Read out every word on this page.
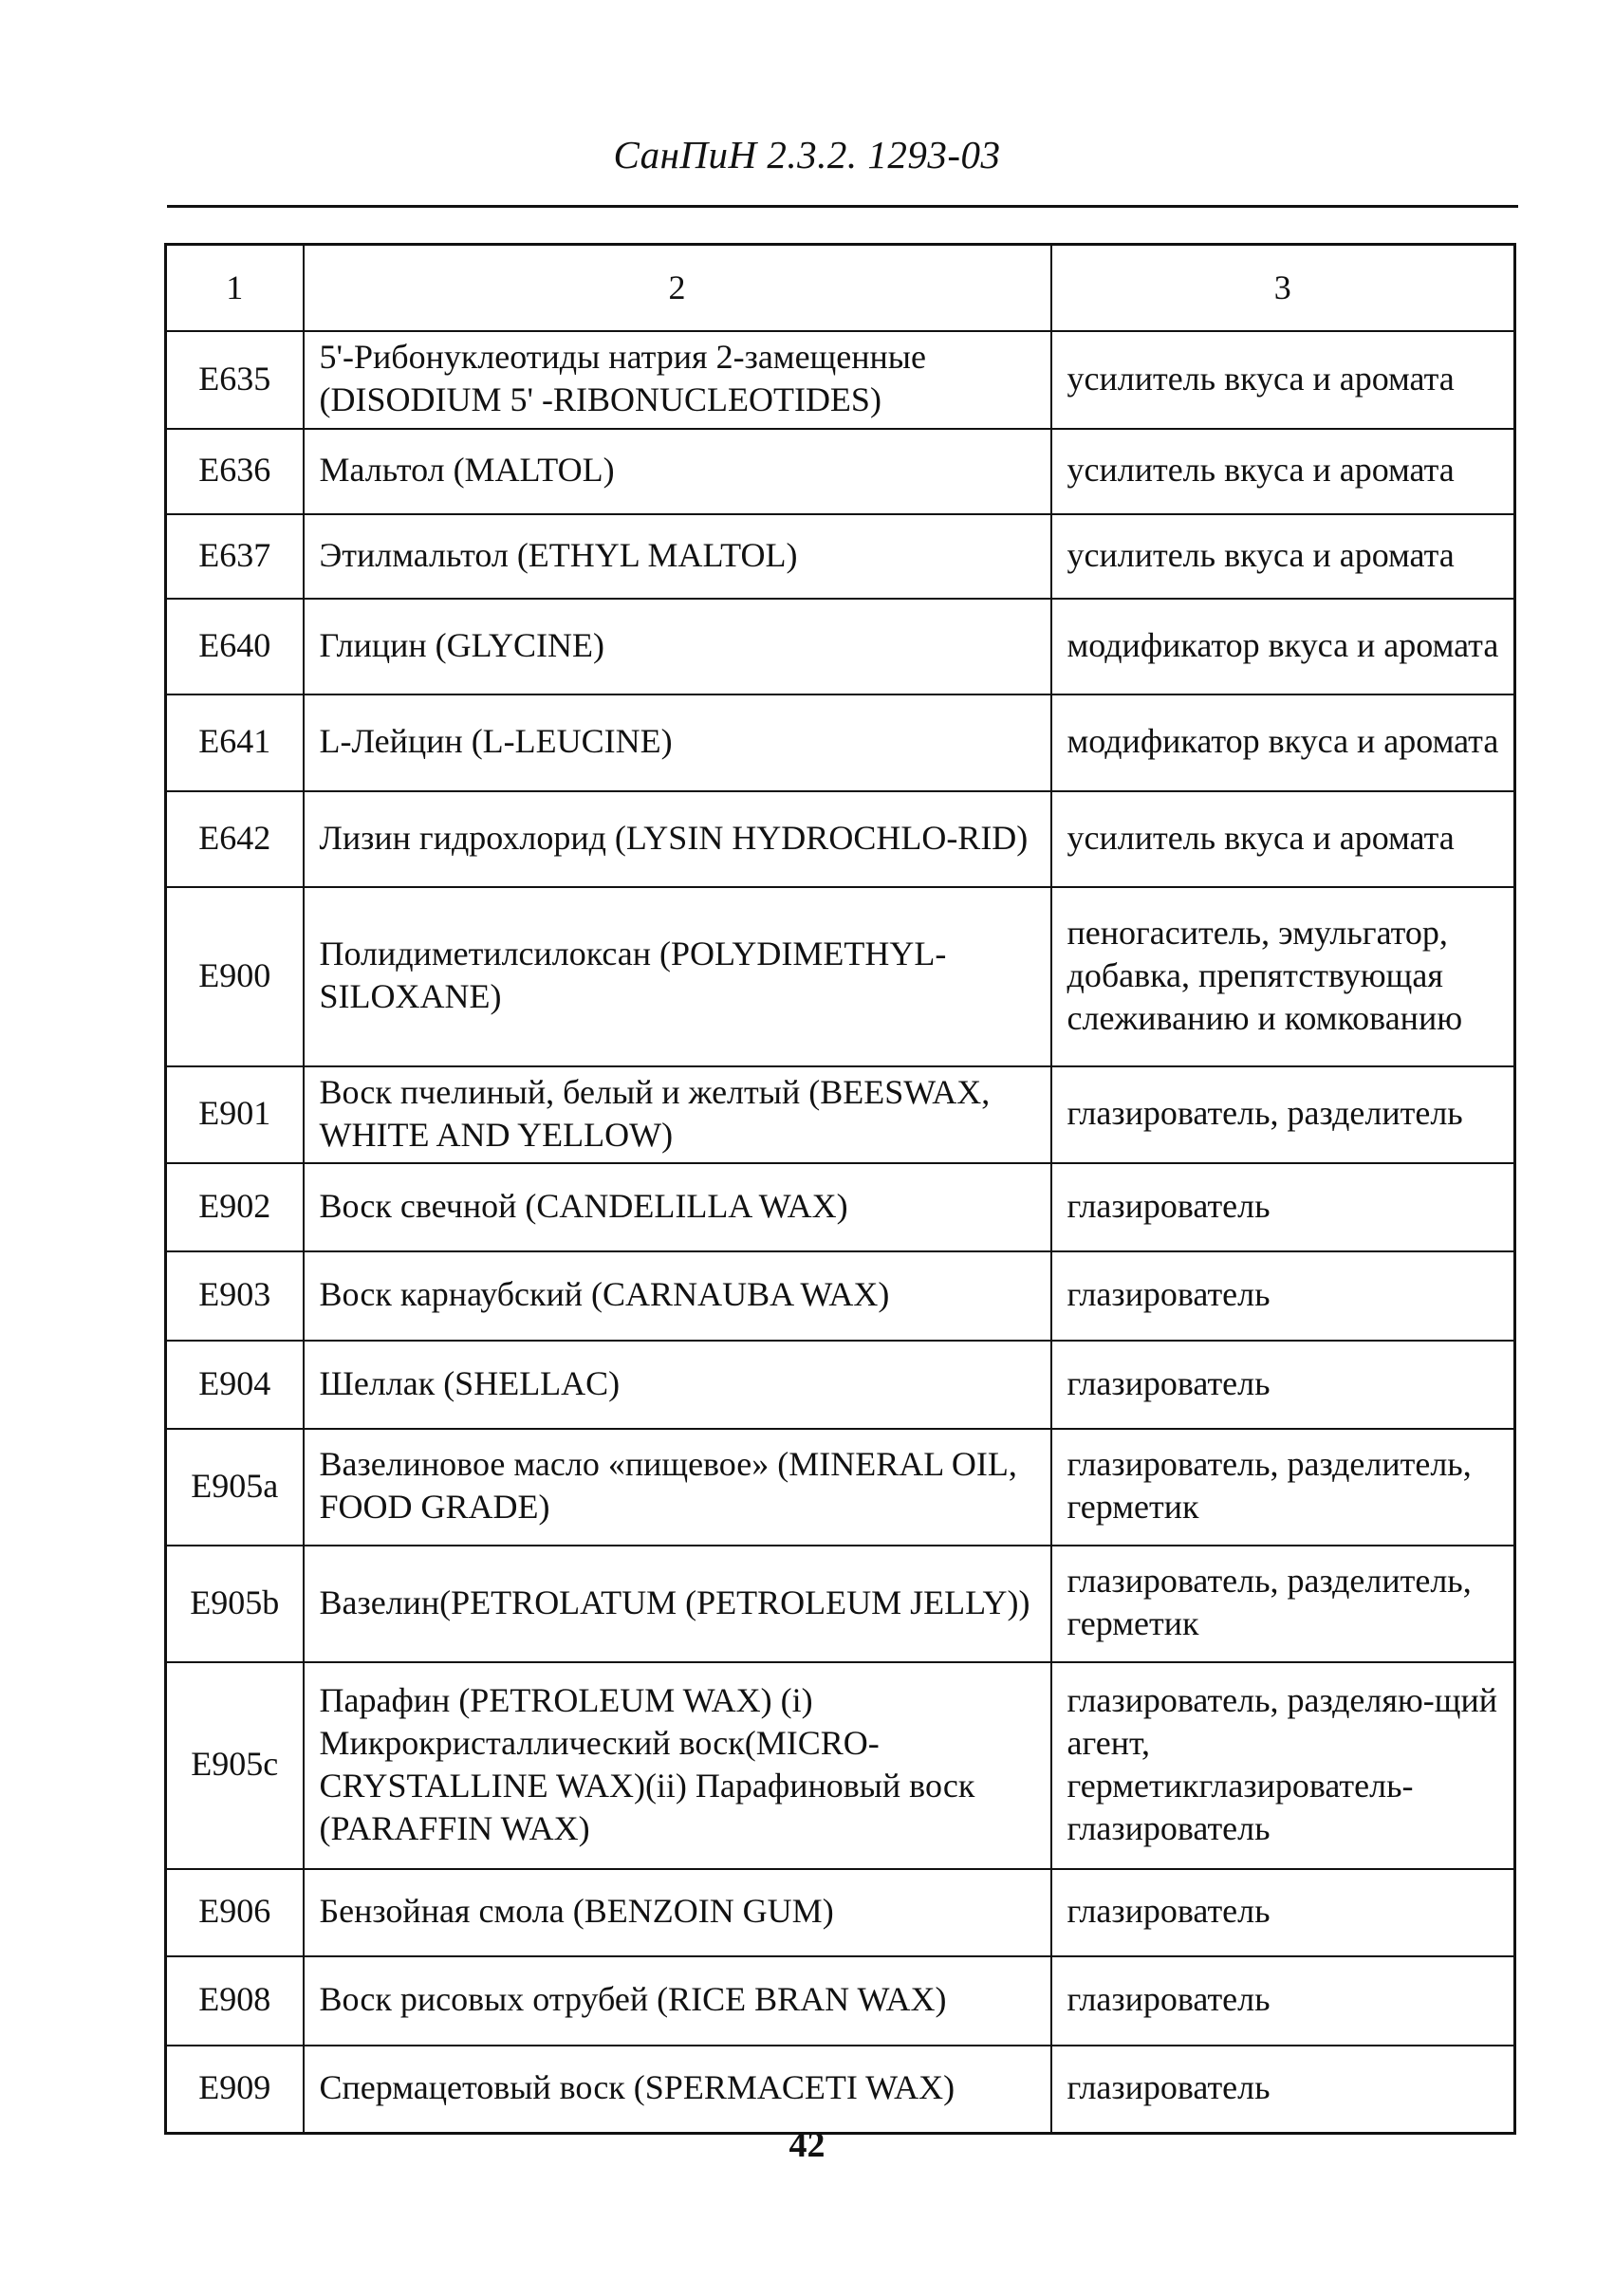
СанПиН 2.3.2. 1293-03
1	2	3
E635	5'-Рибонуклеотиды натрия 2-замещенные (DISODIUM 5' -RIBONUCLEOTIDES)	усилитель вкуса и аромата
E636	Мальтол (MALTOL)	усилитель вкуса и аромата
E637	Этилмальтол (ETHYL MALTOL)	усилитель вкуса и аромата
E640	Глицин (GLYCINE)	модификатор вкуса и аромата
E641	L-Лейцин (L-LEUCINE)	модификатор вкуса и аромата
E642	Лизин гидрохлорид (LYSIN HYDROCHLO-RID)	усилитель вкуса и аромата
E900	Полидиметилсилоксан (POLYDIMETHYL-SILOXANE)	пеногаситель, эмульгатор, добавка, препятствующая слеживанию и комкованию
E901	Воск пчелиный, белый и желтый (BEESWAX, WHITE AND YELLOW)	глазирователь, разделитель
E902	Воск свечной (CANDELILLA WAX)	глазирователь
E903	Воск карнаубский (CARNAUBA WAX)	глазирователь
E904	Шеллак (SHELLAC)	глазирователь
E905a	Вазелиновое масло «пищевое» (MINERAL OIL, FOOD GRADE)	глазирователь, разделитель, герметик
E905b	Вазелин(PETROLATUM (PETROLEUM JELLY))	глазирователь, разделитель, герметик
E905c	Парафин (PETROLEUM WAX) (i) Микрокристаллический воск(MICRO-CRYSTALLINE WAX)(ii) Парафиновый воск (PARAFFIN WAX)	глазирователь, разделяю-щий агент, герметикглазирователь-глазирователь
E906	Бензойная смола (BENZOIN GUM)	глазирователь
E908	Воск рисовых отрубей (RICE BRAN WAX)	глазирователь
E909	Спермацетовый воск (SPERMACETI WAX)	глазирователь
42
